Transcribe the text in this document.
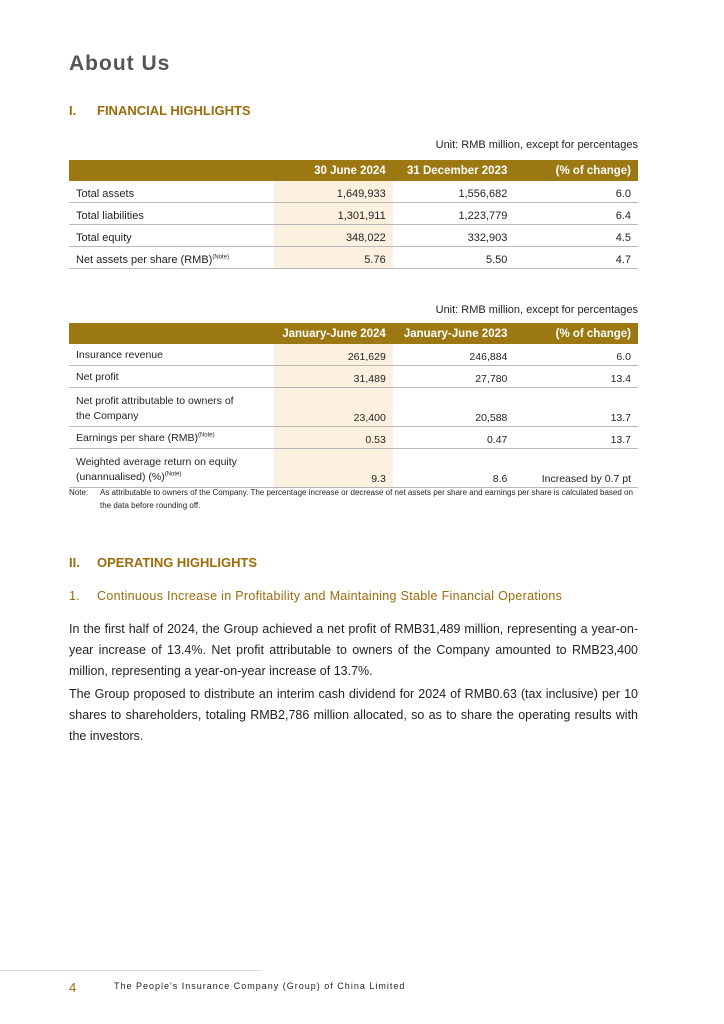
About Us
I. FINANCIAL HIGHLIGHTS
Unit: RMB million, except for percentages
	30 June 2024	31 December 2023	(% of change)
Total assets	1,649,933	1,556,682	6.0
Total liabilities	1,301,911	1,223,779	6.4
Total equity	348,022	332,903	4.5
Net assets per share (RMB)$^{(Note)}$	5.76	5.50	4.7
Unit: RMB million, except for percentages
	January-June 2024	January-June 2023	(% of change)
Insurance revenue	261,629	246,884	6.0
Net profit	31,489	27,780	13.4
Net profit attributable to owners of
the Company	23,400	20,588	13.7
Earnings per share (RMB)$^{(Note)}$	0.53	0.47	13.7
Weighted average return on equity
(unannualised) (%)$^{(Note)}$	9.3	8.6	Increased by 0.7 pt
Note:	As attributable to owners of the Company. The percentage increase or decrease of net assets per share and earnings per share is calculated based on the data before rounding off.
II. OPERATING HIGHLIGHTS
1. Continuous Increase in Profitability and Maintaining Stable Financial Operations

In the first half of 2024, the Group achieved a net profit of RMB31,489 million, representing a year-on-year increase of 13.4%. Net profit attributable to owners of the Company amounted to RMB23,400 million, representing a year-on-year increase of 13.7%.

The Group proposed to distribute an interim cash dividend for 2024 of RMB0.63 (tax inclusive) per 10 shares to shareholders, totaling RMB2,786 million allocated, so as to share the operating results with the investors.

4	The People's Insurance Company (Group) of China Limited
